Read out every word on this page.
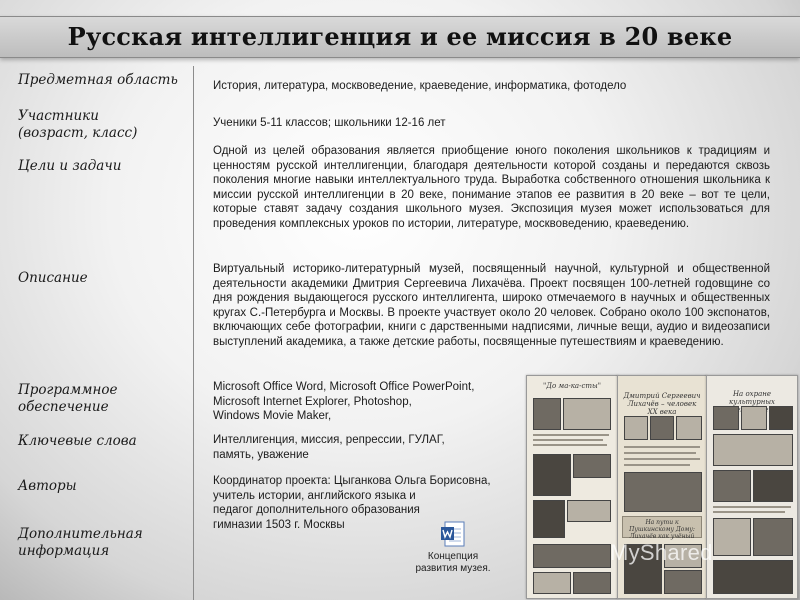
Русская интеллигенция и ее миссия в 20 веке
Предметная область
Участники (возраст, класс)
Цели и задачи
Описание
Программное обеспечение
Ключевые слова
Авторы
Дополнительная информация
История, литература, москвоведение, краеведение, информатика, фотодело
Ученики 5-11 классов; школьники 12-16 лет
Одной из целей образования является приобщение юного поколения школьников к традициям и ценностям русской интеллигенции, благодаря деятельности которой созданы и передаются сквозь поколения многие навыки интеллектуального труда. Выработка собственного отношения школьника к миссии русской интеллигенции в 20 веке, понимание этапов ее развития в 20 веке – вот те цели, которые ставят задачу создания школьного музея. Экспозиция музея может использоваться для проведения комплексных уроков по истории, литературе, москвоведению, краеведению.
Виртуальный историко-литературный музей, посвященный научной, культурной и общественной деятельности академики Дмитрия Сергеевича Лихачёва. Проект посвящен 100-летней годовщине со дня рождения выдающегося русского интеллигента, широко отмечаемого в научных и общественных кругах С.-Петербурга и Москвы. В проекте участвует около 20 человек. Собрано около 100 экспонатов, включающих себе фотографии, книги с дарственными надписями, личные вещи, аудио и видеозаписи выступлений академика, а также детские работы, посвященные путешествиям и краеведению.
Microsoft Office Word, Microsoft Office PowerPoint,
Microsoft Internet Explorer, Photoshop,
Windows Movie Maker,
Интеллигенция, миссия, репрессии, ГУЛАГ,
память, уважение
Координатор проекта: Цыганкова Ольга Борисовна,
учитель истории, английского языка и
педагог дополнительного образования
гимназии 1503 г. Москвы
Концепция
развития музея.
"До ма-ка-сты"
Дмитрий Сергеевич Лихачёв – человек XX века
На пути к Пушкинскому Дому: Лихачёв как учёный
На охране культурных
MyShared
